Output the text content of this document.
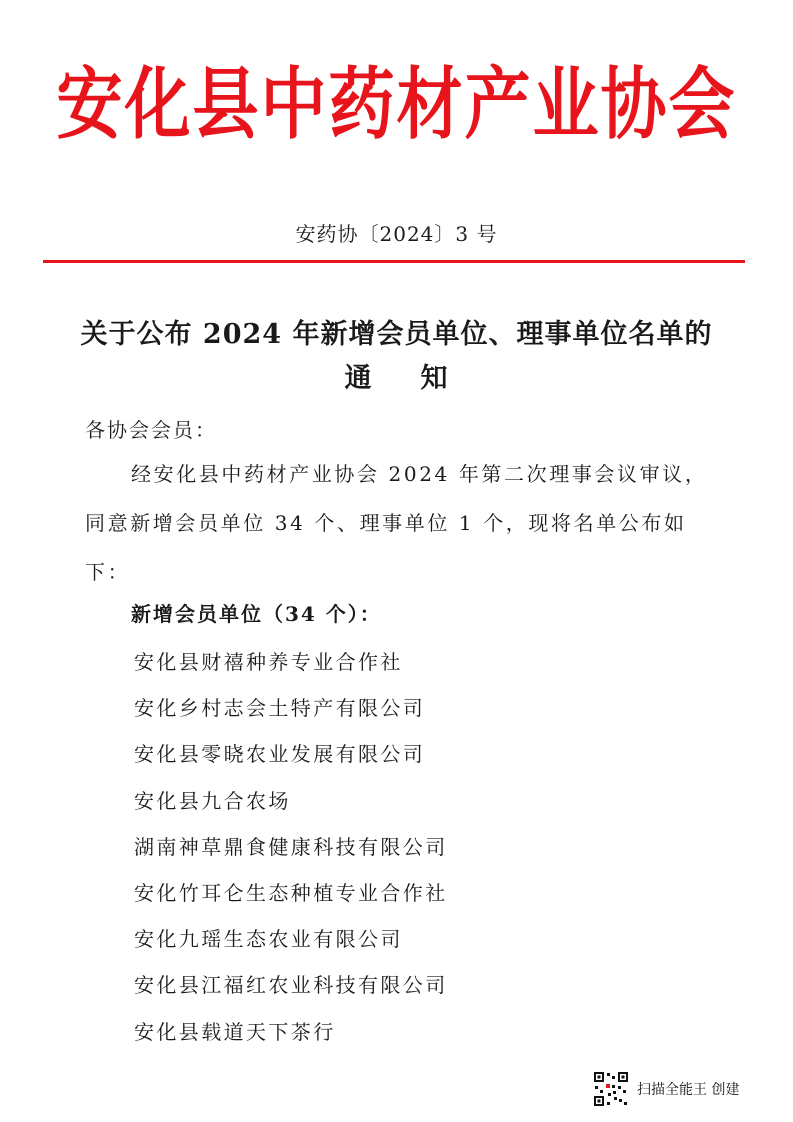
安化县中药材产业协会
安药协〔2024〕3 号
关于公布 2024 年新增会员单位、理事单位名单的
通 知
各协会会员：
经安化县中药材产业协会 2024 年第二次理事会议审议，
同意新增会员单位 34 个、理事单位 1 个，现将名单公布如
下：
新增会员单位（34 个）：
安化县财禧种养专业合作社
安化乡村志会土特产有限公司
安化县零晓农业发展有限公司
安化县九合农场
湖南神草鼎食健康科技有限公司
安化竹耳仑生态种植专业合作社
安化九瑶生态农业有限公司
安化县江福红农业科技有限公司
安化县载道天下茶行
扫描全能王 创建
